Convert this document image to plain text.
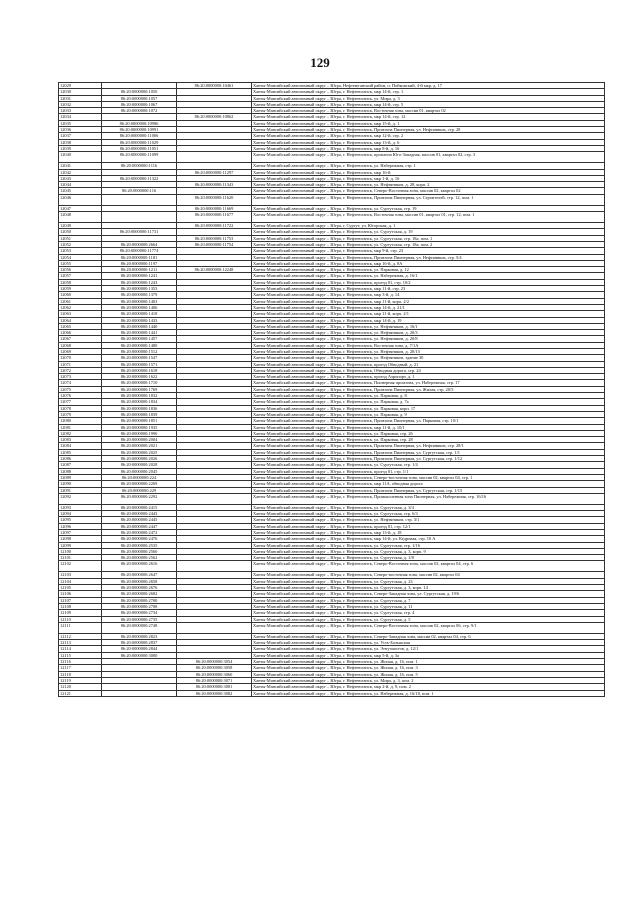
129
12029		86:20:0000000:10461	Ханты-Мансийский автономный округ – Югра, Нефтеюганский район, п. Пойковский, 4-й мкр, д. 17
12030	86:20:0000000:1050		Ханты-Мансийский автономный округ – Югра, г. Нефтеюганск, мкр 14-й, стр. 1
12031	86:20:0000000:1057		Ханты-Мансийский автономный округ – Югра, г. Нефтеюганск, ул. Мира, д. 3
12032	86:20:0000000:1067		Ханты-Мансийский автономный округ – Югра, г. Нефтеюганск, мкр 14-й, стр. 5
12033	86:20:0000000:1072		Ханты-Мансийский автономный округ – Югра, г. Нефтеюганск, Восточная зона, массив 01, квартал 02
12034		86:20:0000000:10862	Ханты-Мансийский автономный округ – Югра, г. Нефтеюганск, мкр 14-й, стр. 12
12035	86:20:0000000:10986		Ханты-Мансийский автономный округ – Югра, г. Нефтеюганск, мкр 15-й, д. 1
12036	86:20:0000000:10991		Ханты-Мансийский автономный округ – Югра, г. Нефтеюганск, Промзона Пионерная, ул. Нефтяников, стр. 28
12037	86:20:0000000:11006		Ханты-Мансийский автономный округ – Югра, г. Нефтеюганск, мкр 12-й, стр. 2
12038	86:20:0000000:11029		Ханты-Мансийский автономный округ – Югра, г. Нефтеюганск, мкр 13-й, д. 6
12039	86:20:0000000:11051		Ханты-Мансийский автономный округ – Югра, г. Нефтеюганск, мкр 8-й, д. 16
12040	86:20:0000000:11099		Ханты-Мансийский автономный округ – Югра, г. Нефтеюганск, промзона Юго-Западная, массив 01, квартал 02, стр. 3
12041	86:20:0000000:1116		Ханты-Мансийский автономный округ – Югра, г. Нефтеюганск, ул. Набережная, стр. 1
12042		86:20:0000000:11297	Ханты-Мансийский автономный округ – Югра, г. Нефтеюганск, мкр 16-й
12043	86:20:0000000:11322		Ханты-Мансийский автономный округ – Югра, г. Нефтеюганск, мкр 1-й, д. 16
12044		86:20:0000000:11343	Ханты-Мансийский автономный округ – Югра, г. Нефтеюганск, ул. Нефтяников, д. 28, корп. 2
12045	86:20:0000000:116		Ханты-Мансийский автономный округ – Югра, г. Нефтеюганск, Северо-Восточная зона, массив 02, квартал 02
12046		86:20:0000000:11620	Ханты-Мансийский автономный округ – Югра, г. Нефтеюганск, Промзона Пионерная, ул. Строителей, стр. 12, пом. 1
12047		86:20:0000000:11669	Ханты-Мансийский автономный округ – Югра, г. Нефтеюганск, ул. Сургутская, стр. 19
12048		86:20:0000000:11677	Ханты-Мансийский автономный округ – Югра, г. Нефтеюганск, Восточная зона, массив 01, квартал 01, стр. 12, пом. 1
12049		86:20:0000000:11722	Ханты-Мансийский автономный округ – Югра, г. Сургут, ул. Югорская, д. 1
12050	86:20:0000000:11731		Ханты-Мансийский автономный округ – Югра, г. Нефтеюганск, ул. Сургутская, д. 19
12051		86:20:0000000:11753	Ханты-Мансийский автономный округ – Югра, г. Нефтеюганск, ул. Сургутская, стр. 18а, пом. 1
12052	86:20:0000000:2664	86:20:0000000:11754	Ханты-Мансийский автономный округ – Югра, г. Нефтеюганск, ул. Сургутская, стр. 18а, пом. 2
12053	86:20:0000000:11774		Ханты-Мансийский автономный округ – Югра, г. Нефтеюганск, мкр 9-й, стр. 23
12054	86:20:0000000:1181		Ханты-Мансийский автономный округ – Югра, г. Нефтеюганск, Промзона Пионерная, ул. Нефтяников, стр. 5/4
12055	86:20:0000000:1197		Ханты-Мансийский автономный округ – Югра, г. Нефтеюганск, мкр 16-й, д. 8А
12056	86:20:0000000:1211	86:20:0000000:12248	Ханты-Мансийский автономный округ – Югра, г. Нефтеюганск, ул. Парковая, д. 12
12057	86:20:0000000:1241		Ханты-Мансийский автономный округ – Югра, г. Нефтеюганск, ул. Набережная, д. 16/1
12058	86:20:0000000:1243		Ханты-Мансийский автономный округ – Югра, г. Нефтеюганск, проезд 01, стр. 10/2
12059	86:20:0000000:1353		Ханты-Мансийский автономный округ – Югра, г. Нефтеюганск, мкр 11-й, стр. 23
12060	86:20:0000000:1379		Ханты-Мансийский автономный округ – Югра, г. Нефтеюганск, мкр 3-й, д. 14
12061	86:20:0000000:1403		Ханты-Мансийский автономный округ – Югра, г. Нефтеюганск, мкр 11-й, корп. 2/2
12062	86:20:0000000:1406		Ханты-Мансийский автономный округ – Югра, г. Нефтеюганск, мкр 14-й, д. 21/1
12063	86:20:0000000:1418		Ханты-Мансийский автономный округ – Югра, г. Нефтеюганск, мкр 11-й, корп. 2/1
12064	86:20:0000000:1433		Ханты-Мансийский автономный округ – Югра, г. Нефтеюганск, мкр 14-й, д. 19
12065	86:20:0000000:1440		Ханты-Мансийский автономный округ – Югра, г. Нефтеюганск, ул. Нефтяников, д. 16/1
12066	86:20:0000000:1441		Ханты-Мансийский автономный округ – Югра, г. Нефтеюганск, ул. Нефтяников, д. 20/3
12067	86:20:0000000:1457		Ханты-Мансийский автономный округ – Югра, г. Нефтеюганск, ул. Нефтяников, д. 20/8
12068	86:20:0000000:1480		Ханты-Мансийский автономный округ – Югра, г. Нефтеюганск, Восточная зона, д. 7/1А
12069	86:20:0000000:1512		Ханты-Мансийский автономный округ – Югра, г. Нефтеюганск, ул. Нефтяников, д. 20/13
12070	86:20:0000000:1547		Ханты-Мансийский автономный округ – Югра, г. Нефтеюганск, ул. Нефтяников, здание 30
12071	86:20:0000000:1571		Ханты-Мансийский автономный округ – Югра, г. Нефтеюганск, проезд Обводный, д. 21
12072	86:20:0000000:1618		Ханты-Мансийский автономный округ – Югра, г. Нефтеюганск, Обводная дорога, стр. 24
12073	86:20:0000000:1622		Ханты-Мансийский автономный округ – Югра, г. Нефтеюганск, проезд Аэропорт, д. 1
12074	86:20:0000000:1710		Ханты-Мансийский автономный округ – Югра, г. Нефтеюганск, Пионерная промзона, ул. Набережная, стр. 17
12075	86:20:0000000:1769		Ханты-Мансийский автономный округ – Югра, г. Нефтеюганск, Промзона Пионерная, ул. Жилая, стр. 20/5
12076	86:20:0000000:1832		Ханты-Мансийский автономный округ – Югра, г. Нефтеюганск, ул. Парковая, д. 8
12077	86:20:0000000:1834		Ханты-Мансийский автономный округ – Югра, г. Нефтеюганск, ул. Парковая, д. 7а
12078	86:20:0000000:1836		Ханты-Мансийский автономный округ – Югра, г. Нефтеюганск, ул. Парковая, корп. 17
12079	86:20:0000000:1839		Ханты-Мансийский автономный округ – Югра, г. Нефтеюганск, ул. Парковая, д. 9
12080	86:20:0000000:1851		Ханты-Мансийский автономный округ – Югра, г. Нефтеюганск, Промзона Пионерная, ул. Парковая, стр. 10/1
12081	86:20:0000000:1935		Ханты-Мансийский автономный округ – Югра, г. Нефтеюганск, мкр 11-й, д. 10/1
12082	86:20:0000000:1996		Ханты-Мансийский автономный округ – Югра, г. Нефтеюганск, ул. Парковая, стр. 26
12083	86:20:0000000:2004		Ханты-Мансийский автономный округ – Югра, г. Нефтеюганск, ул. Парковая, стр. 28
12084	86:20:0000000:2021		Ханты-Мансийский автономный округ – Югра, г. Нефтеюганск, Промзона Пионерная, ул. Нефтяников, стр. 28/1
12085	86:20:0000000:2025		Ханты-Мансийский автономный округ – Югра, г. Нефтеюганск, Промзона Пионерная, ул. Сургутская, стр. 1/1
12086	86:20:0000000:2026		Ханты-Мансийский автономный округ – Югра, г. Нефтеюганск, Промзона Пионерная, ул. Сургутская, стр. 1/12
12087	86:20:0000000:2028		Ханты-Мансийский автономный округ – Югра, г. Нефтеюганск, ул. Сургутская, стр. 1/4
12088	86:20:0000000:2045		Ханты-Мансийский автономный округ – Югра, г. Нефтеюганск, проезд 01, стр. 1/1
12089	86:20:0000000:224		Ханты-Мансийский автономный округ – Югра, г. Нефтеюганск, Северо-восточная зона, массив 02, квартал 04, стр. 1
12090	86:20:0000000:2269		Ханты-Мансийский автономный округ – Югра, г. Нефтеюганск, мкр 11А, обводная дорога
12091	86:20:0000000:229		Ханты-Мансийский автономный округ – Югра, г. Нефтеюганск, Промзона Пионерная, ул. Сургутская, стр. 1/15
12092	86:20:0000000:2292		Ханты-Мансийский автономный округ – Югра, г. Нефтеюганск, Промышленная зона Пионерная, ул. Набережная, стр. 16/16
12093	86:20:0000000:2415		Ханты-Мансийский автономный округ – Югра, г. Нефтеюганск, ул. Сургутская, д. 3/4
12094	86:20:0000000:2443		Ханты-Мансийский автономный округ – Югра, г. Нефтеюганск, ул. Сургутская, стр. 6/3
12095	86:20:0000000:2445		Ханты-Мансийский автономный округ – Югра, г. Нефтеюганск, ул. Нефтяников, стр. 3/1
12096	86:20:0000000:2447		Ханты-Мансийский автономный округ – Югра, г. Нефтеюганск, проезд 01, стр. 12/1
12097	86:20:0000000:2472		Ханты-Мансийский автономный округ – Югра, г. Нефтеюганск, мкр 13-й, д. 18
12098	86:20:0000000:2476		Ханты-Мансийский автономный округ – Югра, г. Нефтеюганск, мкр 14-й, ул. Кедровая, стр. 10 А
12099	86:20:0000000:2535		Ханты-Мансийский автономный округ – Югра, г. Нефтеюганск, ул. Сургутская, стр. 1/16
12100	86:20:0000000:2560		Ханты-Мансийский автономный округ – Югра, г. Нефтеюганск, ул. Сургутская, д. 3, корп. 9
12101	86:20:0000000:2562		Ханты-Мансийский автономный округ – Югра, г. Нефтеюганск, ул. Сургутская, д. 1/8
12102	86:20:0000000:2616		Ханты-Мансийский автономный округ – Югра, г. Нефтеюганск, Северо-Восточная зона, массив 02, квартал 04, стр. 6
12103	86:20:0000000:2647		Ханты-Мансийский автономный округ – Югра, г. Нефтеюганск, Северо-восточная зона, массив 02, квартал 04
12104	86:20:0000000:2658		Ханты-Мансийский автономный округ – Югра, г. Нефтеюганск, ул. Сургутская, д. 23
12105	86:20:0000000:2676		Ханты-Мансийский автономный округ – Югра, г. Нефтеюганск, ул. Сургутская, д. 3, корп. 14
12106	86:20:0000000:2682		Ханты-Мансийский автономный округ – Югра, г. Нефтеюганск, Северо-Западная зона, ул. Сургутская, д. 19/6
12107	86:20:0000000:2700		Ханты-Мансийский автономный округ – Югра, г. Нефтеюганск, ул. Сургутская, д. 7
12108	86:20:0000000:2708		Ханты-Мансийский автономный округ – Югра, г. Нефтеюганск, ул. Сургутская, д. 11
12109	86:20:0000000:2734		Ханты-Мансийский автономный округ – Югра, г. Нефтеюганск, ул. Сургутская, стр. 4
12110	86:20:0000000:2735		Ханты-Мансийский автономный округ – Югра, г. Нефтеюганск, ул. Сургутская, д. 5
12111	86:20:0000000:2748		Ханты-Мансийский автономный округ – Югра, г. Нефтеюганск, Северо-Восточная зона, массив 02, квартал 06, стр. 9/1
12112	86:20:0000000:2823		Ханты-Мансийский автономный округ – Югра, г. Нефтеюганск, Северо-Западная зона, массив 02, квартал 04, стр. 6
12113	86:20:0000000:2837		Ханты-Мансийский автономный округ – Югра, г. Нефтеюганск, ул. Усть-Балыкская
12114	86:20:0000000:2844		Ханты-Мансийский автономный округ – Югра, г. Нефтеюганск, ул. Энтузиастов, д. 12/1
12115	86:20:0000000:3000		Ханты-Мансийский автономный округ – Югра, г. Нефтеюганск, мкр 5-й, д. 3а
12116		86:20:0000000:3054	Ханты-Мансийский автономный округ – Югра, г. Нефтеюганск, ул. Жилая, д. 16, пом. 1
12117		86:20:0000000:3058	Ханты-Мансийский автономный округ – Югра, г. Нефтеюганск, ул. Жилая, д. 16, пом. 3
12118		86:20:0000000:3060	Ханты-Мансийский автономный округ – Югра, г. Нефтеюганск, ул. Жилая, д. 16, пом. 5
12119		86:20:0000000:3071	Ханты-Мансийский автономный округ – Югра, г. Нефтеюганск, ул. Мира, д. 3, пом. 2
12120		86:20:0000000:3081	Ханты-Мансийский автономный округ – Югра, г. Нефтеюганск, мкр 2-й, д. 9, пом. 2
12121		86:20:0000000:3082	Ханты-Мансийский автономный округ – Югра, г. Нефтеюганск, ул. Набережная, д. 16/18, пом. 1
